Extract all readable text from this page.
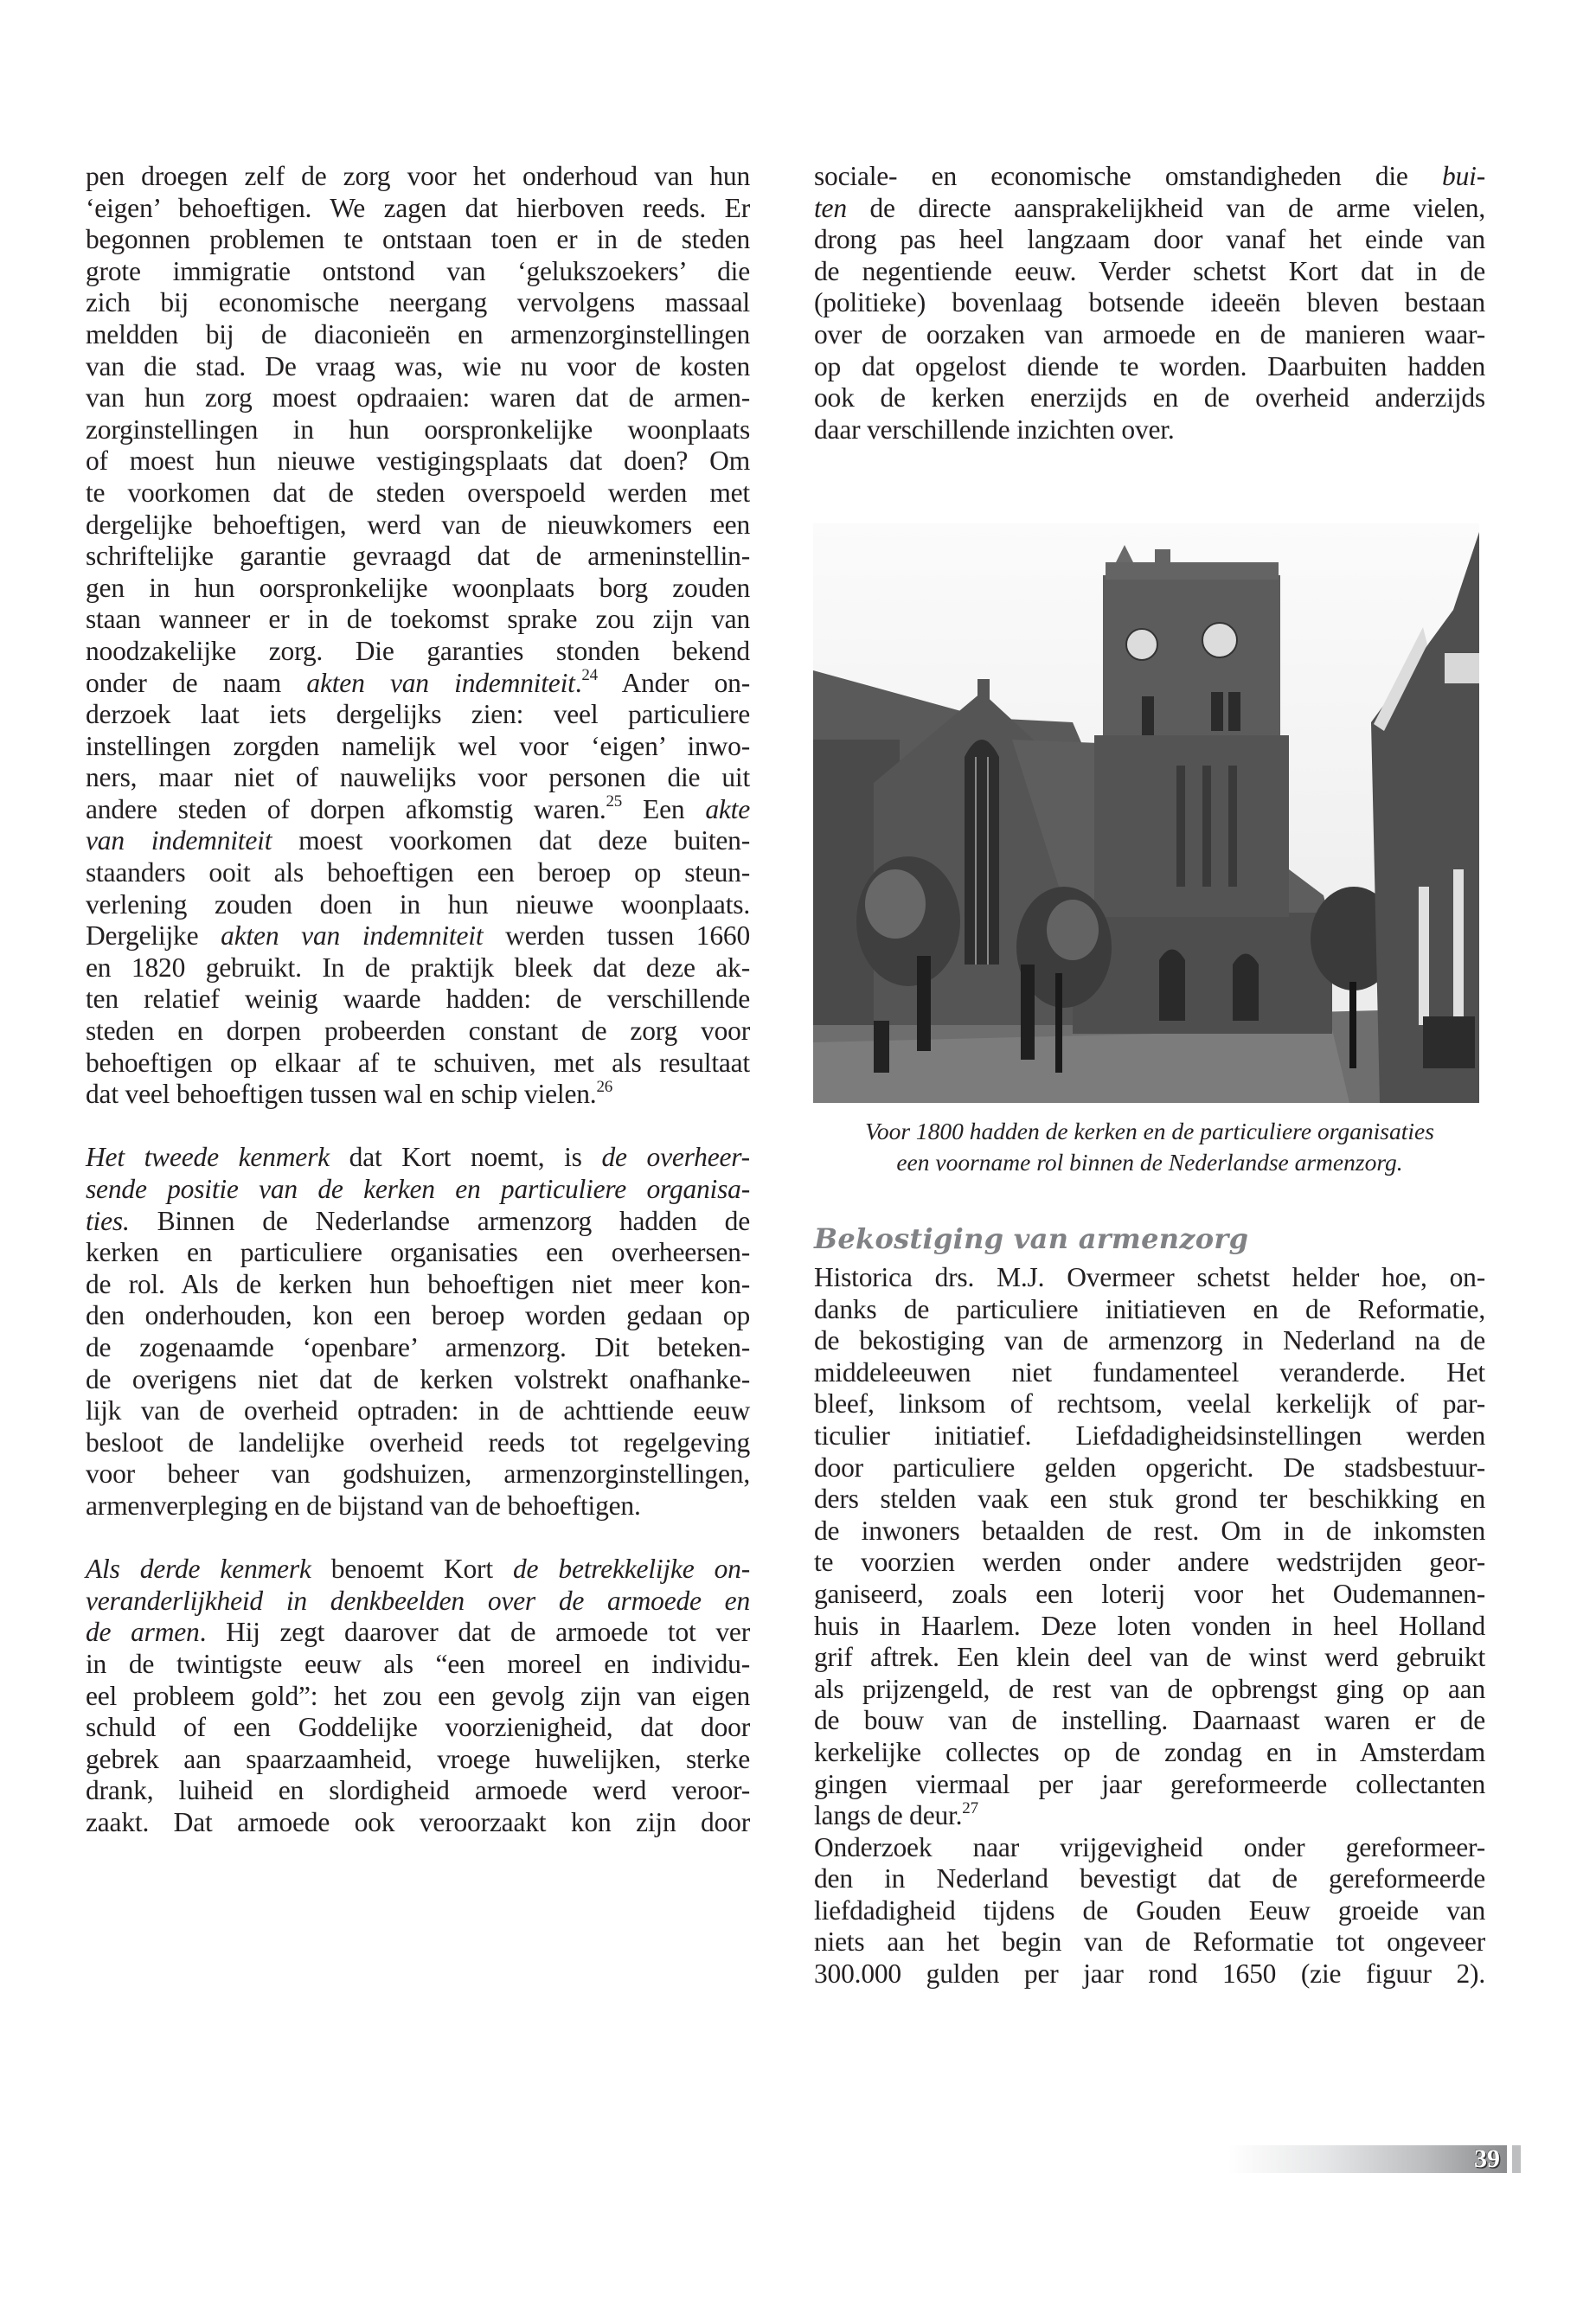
pen droegen zelf de zorg voor het onderhoud van hun
‘eigen’ behoeftigen. We zagen dat hierboven reeds. Er
begonnen problemen te ontstaan toen er in de steden
grote immigratie ontstond van ‘gelukszoekers’ die
zich bij economische neergang vervolgens massaal
meldden bij de diaconieën en armenzorginstellingen
van die stad. De vraag was, wie nu voor de kosten
van hun zorg moest opdraaien: waren dat de armen-
zorginstellingen in hun oorspronkelijke woonplaats
of moest hun nieuwe vestigingsplaats dat doen? Om
te voorkomen dat de steden overspoeld werden met
dergelijke behoeftigen, werd van de nieuwkomers een
schriftelijke garantie gevraagd dat de armeninstellin-
gen in hun oorspronkelijke woonplaats borg zouden
staan wanneer er in de toekomst sprake zou zijn van
noodzakelijke zorg. Die garanties stonden bekend
onder de naam akten van indemniteit.$^{24}$ Ander on-
derzoek laat iets dergelijks zien: veel particuliere
instellingen zorgden namelijk wel voor ‘eigen’ inwo-
ners, maar niet of nauwelijks voor personen die uit
andere steden of dorpen afkomstig waren.$^{25}$ Een akte
van indemniteit moest voorkomen dat deze buiten-
staanders ooit als behoeftigen een beroep op steun-
verlening zouden doen in hun nieuwe woonplaats.
Dergelijke akten van indemniteit werden tussen 1660
en 1820 gebruikt. In de praktijk bleek dat deze ak-
ten relatief weinig waarde hadden: de verschillende
steden en dorpen probeerden constant de zorg voor
behoeftigen op elkaar af te schuiven, met als resultaat
dat veel behoeftigen tussen wal en schip vielen.$^{26}$
Het tweede kenmerk dat Kort noemt, is de overheer-
sende positie van de kerken en particuliere organisa-
ties. Binnen de Nederlandse armenzorg hadden de
kerken en particuliere organisaties een overheersen-
de rol. Als de kerken hun behoeftigen niet meer kon-
den onderhouden, kon een beroep worden gedaan op
de zogenaamde ‘openbare’ armenzorg. Dit beteken-
de overigens niet dat de kerken volstrekt onafhanke-
lijk van de overheid optraden: in de achttiende eeuw
besloot de landelijke overheid reeds tot regelgeving
voor beheer van godshuizen, armenzorginstellingen,
armenverpleging en de bijstand van de behoeftigen.
Als derde kenmerk benoemt Kort de betrekkelijke on-
veranderlijkheid in denkbeelden over de armoede en
de armen. Hij zegt daarover dat de armoede tot ver
in de twintigste eeuw als “een moreel en individu-
eel probleem gold”: het zou een gevolg zijn van eigen
schuld of een Goddelijke voorzienigheid, dat door
gebrek aan spaarzaamheid, vroege huwelijken, sterke
drank, luiheid en slordigheid armoede werd veroor-
zaakt. Dat armoede ook veroorzaakt kon zijn door
sociale- en economische omstandigheden die bui-
ten de directe aansprakelijkheid van de arme vielen,
drong pas heel langzaam door vanaf het einde van
de negentiende eeuw. Verder schetst Kort dat in de
(politieke) bovenlaag botsende ideeën bleven bestaan
over de oorzaken van armoede en de manieren waar-
op dat opgelost diende te worden. Daarbuiten hadden
ook de kerken enerzijds en de overheid anderzijds
daar verschillende inzichten over.
Voor 1800 hadden de kerken en de particuliere organisaties
een voorname rol binnen de Nederlandse armenzorg.
Bekostiging van armenzorg
Historica drs. M.J. Overmeer schetst helder hoe, on-
danks de particuliere initiatieven en de Reformatie,
de bekostiging van de armenzorg in Nederland na de
middeleeuwen niet fundamenteel veranderde. Het
bleef, linksom of rechtsom, veelal kerkelijk of par-
ticulier initiatief. Liefdadigheidsinstellingen werden
door particuliere gelden opgericht. De stadsbestuur-
ders stelden vaak een stuk grond ter beschikking en
de inwoners betaalden de rest. Om in de inkomsten
te voorzien werden onder andere wedstrijden geor-
ganiseerd, zoals een loterij voor het Oudemannen-
huis in Haarlem. Deze loten vonden in heel Holland
grif aftrek. Een klein deel van de winst werd gebruikt
als prijzengeld, de rest van de opbrengst ging op aan
de bouw van de instelling. Daarnaast waren er de
kerkelijke collectes op de zondag en in Amsterdam
gingen viermaal per jaar gereformeerde collectanten
langs de deur.$^{27}$
Onderzoek naar vrijgevigheid onder gereformeer-
den in Nederland bevestigt dat de gereformeerde
liefdadigheid tijdens de Gouden Eeuw groeide van
niets aan het begin van de Reformatie tot ongeveer
300.000 gulden per jaar rond 1650 (zie figuur 2).
39
